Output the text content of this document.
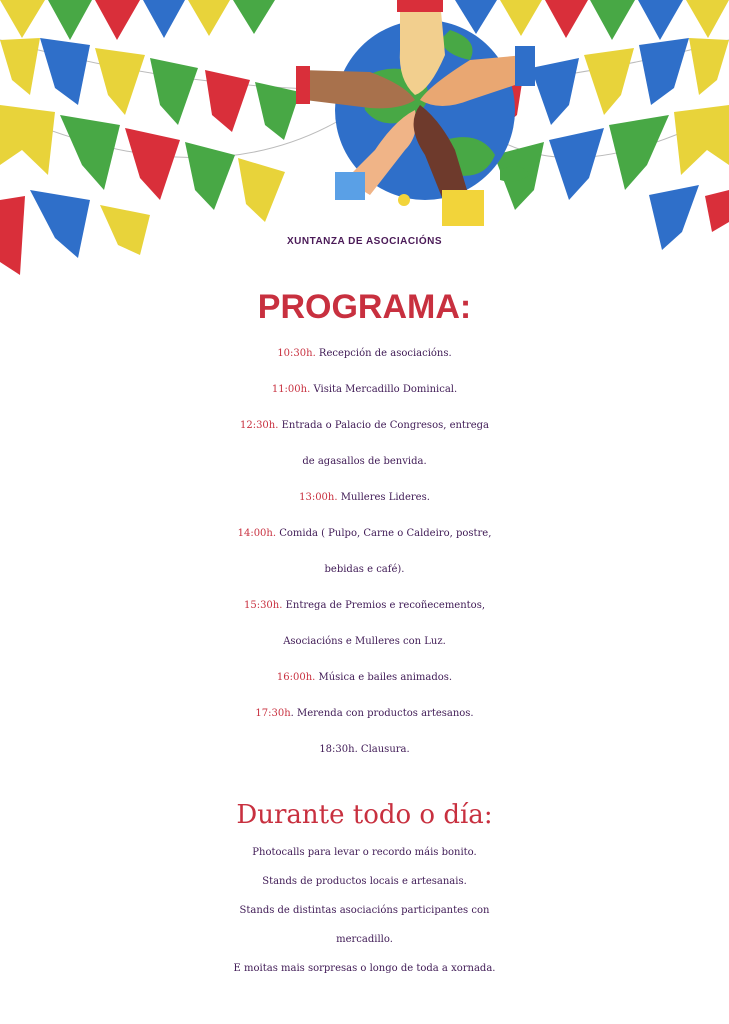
XUNTANZA DE ASOCIACIÓNS
PROGRAMA:
10:30h. Recepción de asociacións.
11:00h. Visita Mercadillo Dominical.
12:30h. Entrada o Palacio de Congresos, entrega
de agasallos de benvida.
13:00h. Mulleres Lideres.
14:00h. Comida ( Pulpo, Carne o Caldeiro, postre,
bebidas e café).
15:30h. Entrega de Premios e recoñecementos,
Asociacións e Mulleres con Luz.
16:00h. Música e bailes animados.
17:30h. Merenda con productos artesanos.
18:30h. Clausura.
Durante todo o día:
Photocalls para levar o recordo máis bonito.
Stands de productos locais e artesanais.
Stands de distintas asociacións participantes con
mercadillo.
E moitas mais sorpresas o longo de toda a xornada.
